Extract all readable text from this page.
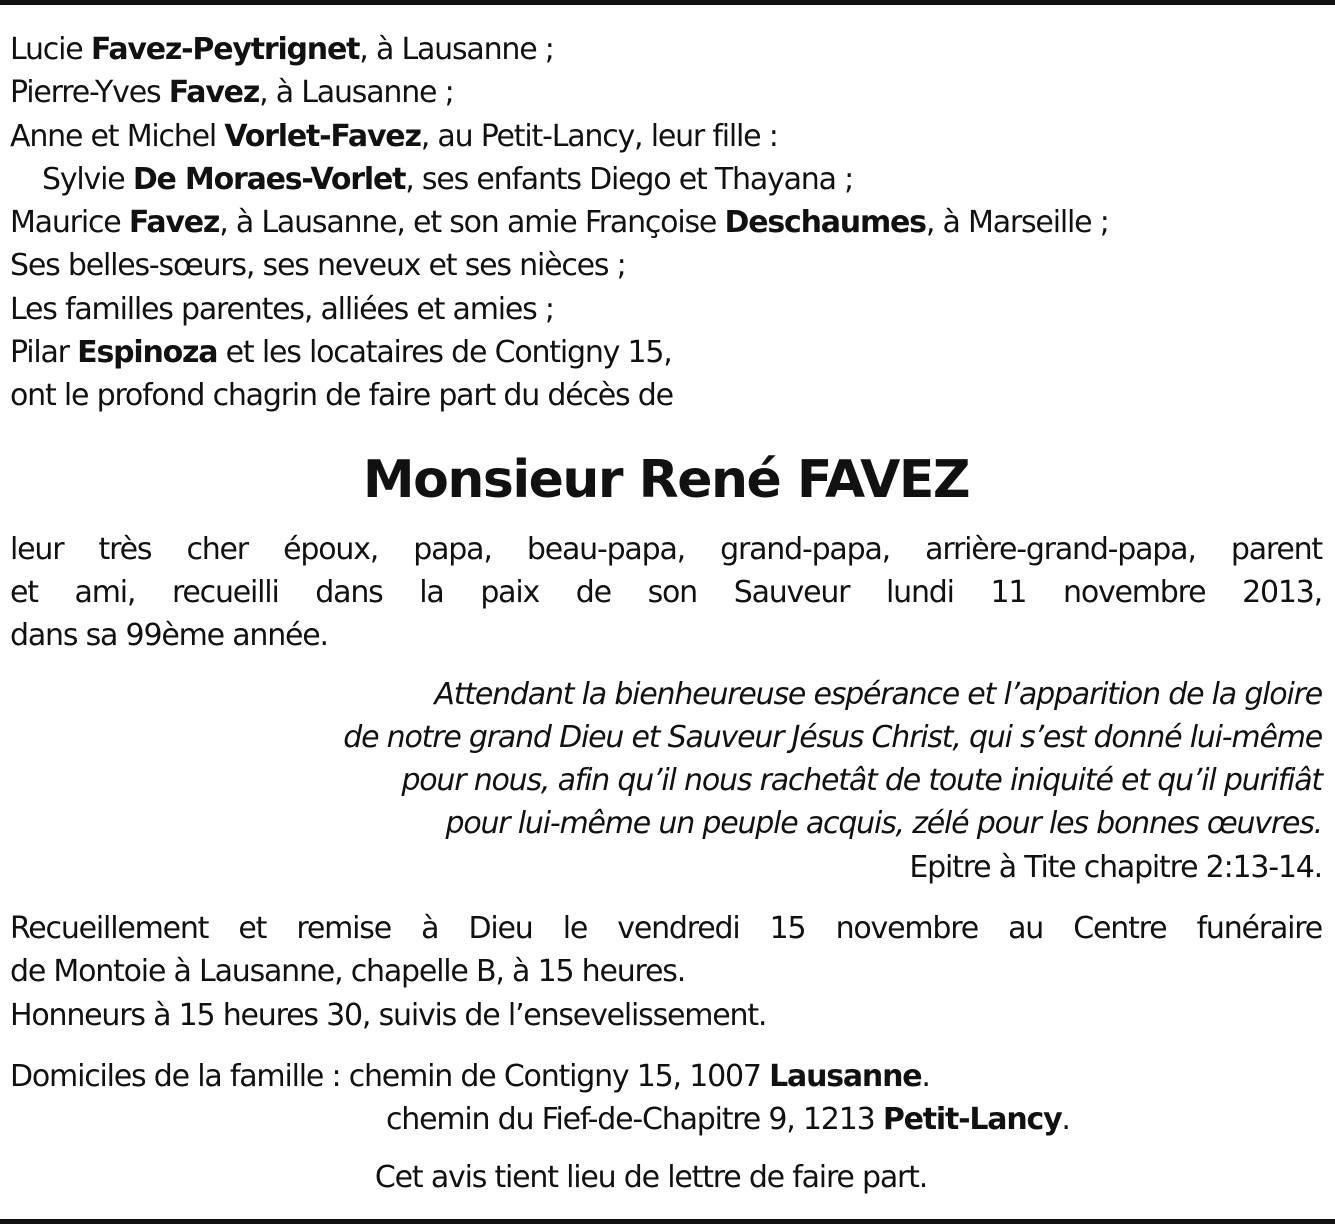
Lucie Favez-Peytrignet, à Lausanne ;
Pierre-Yves Favez, à Lausanne ;
Anne et Michel Vorlet-Favez, au Petit-Lancy, leur fille :
Sylvie De Moraes-Vorlet, ses enfants Diego et Thayana ;
Maurice Favez, à Lausanne, et son amie Françoise Deschaumes, à Marseille ;
Ses belles-sœurs, ses neveux et ses nièces ;
Les familles parentes, alliées et amies ;
Pilar Espinoza et les locataires de Contigny 15,
ont le profond chagrin de faire part du décès de
Monsieur René FAVEZ
leur très cher époux, papa, beau-papa, grand-papa, arrière-grand-papa, parent
et ami, recueilli dans la paix de son Sauveur lundi 11 novembre 2013,
dans sa 99ème année.
Attendant la bienheureuse espérance et l’apparition de la gloire
de notre grand Dieu et Sauveur Jésus Christ, qui s’est donné lui-même
pour nous, afin qu’il nous rachetât de toute iniquité et qu’il purifiât
pour lui-même un peuple acquis, zélé pour les bonnes œuvres.
Epitre à Tite chapitre 2:13-14.
Recueillement et remise à Dieu le vendredi 15 novembre au Centre funéraire
de Montoie à Lausanne, chapelle B, à 15 heures.
Honneurs à 15 heures 30, suivis de l’ensevelissement.
Domiciles de la famille : chemin de Contigny 15, 1007 Lausanne.
chemin du Fief-de-Chapitre 9, 1213 Petit-Lancy.
Cet avis tient lieu de lettre de faire part.
